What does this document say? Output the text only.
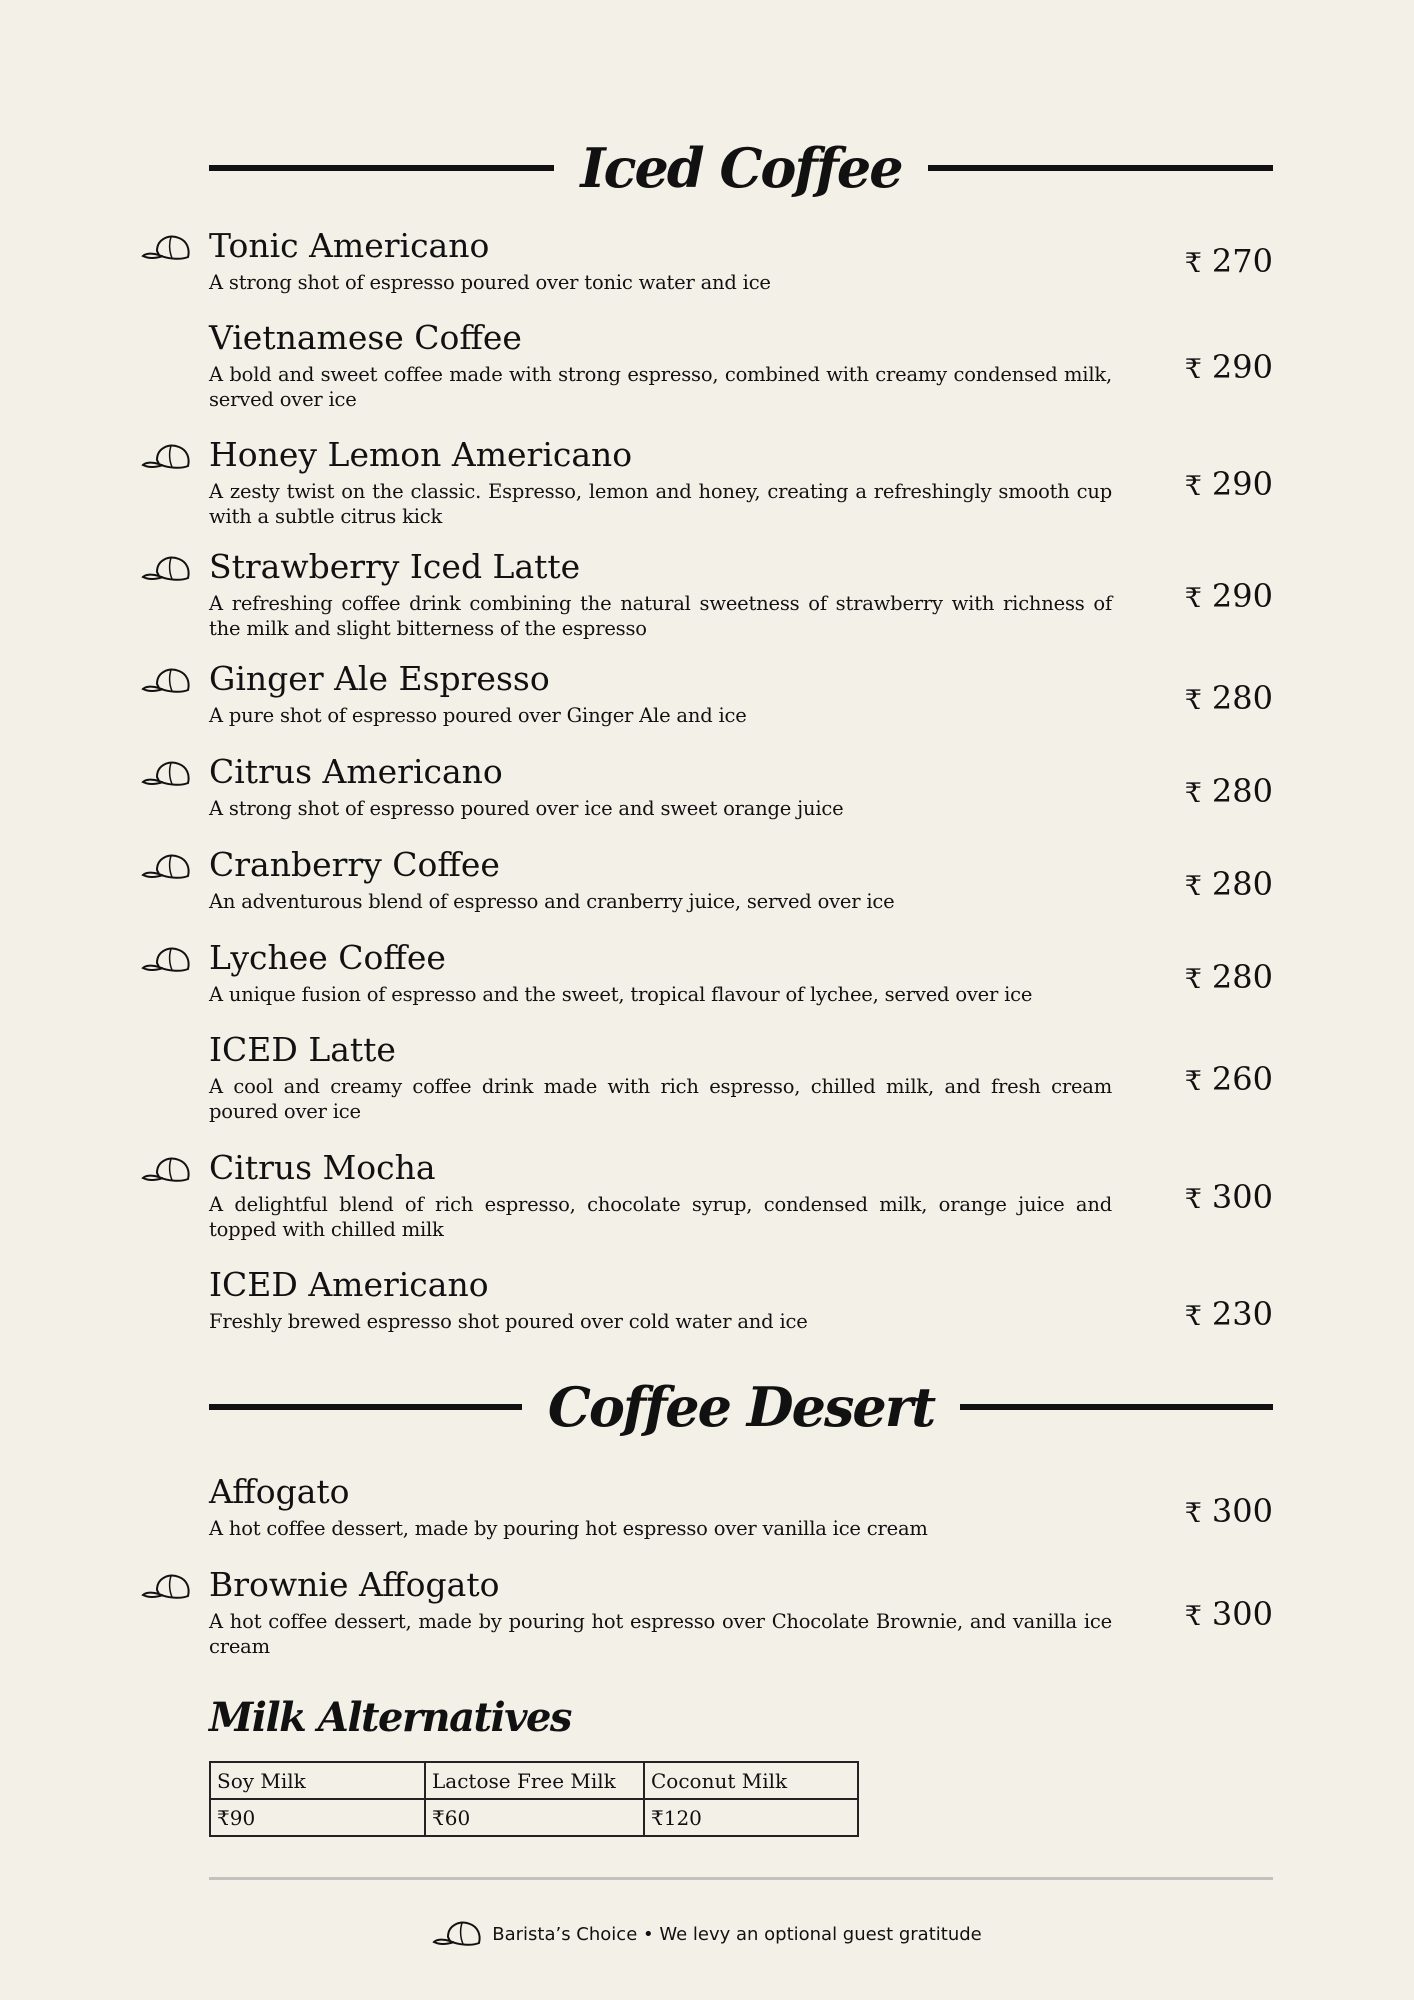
Iced Coffee
Tonic Americano
A strong shot of espresso poured over tonic water and ice
₹ 270
Vietnamese Coffee
A bold and sweet coffee made with strong espresso, combined with creamy condensed milk, served over ice
₹ 290
Honey Lemon Americano
A zesty twist on the classic. Espresso, lemon and honey, creating a refreshingly smooth cup with a subtle citrus kick
₹ 290
Strawberry Iced Latte
A refreshing coffee drink combining the natural sweetness of strawberry with richness of the milk and slight bitterness of the espresso
₹ 290
Ginger Ale Espresso
A pure shot of espresso poured over Ginger Ale and ice	₹ 280
Citrus Americano
A strong shot of espresso poured over ice and sweet orange juice	₹ 280
Cranberry Coffee
An adventurous blend of espresso and cranberry juice, served over ice	₹ 280
Lychee Coffee
A unique fusion of espresso and the sweet, tropical flavour of lychee, served over ice	₹ 280
ICED Latte
A cool and creamy coffee drink made with rich espresso, chilled milk, and fresh cream poured over ice
₹ 260
Citrus Mocha
A delightful blend of rich espresso, chocolate syrup, condensed milk, orange juice and topped with chilled milk
₹ 300
ICED Americano
Freshly brewed espresso shot poured over cold water and ice	₹ 230
Coffee Desert
Affogato
A hot coffee dessert, made by pouring hot espresso over vanilla ice cream	₹ 300
Brownie Affogato
A hot coffee dessert, made by pouring hot espresso over Chocolate Brownie, and vanilla ice cream
₹ 300
Milk Alternatives
Soy Milk	Lactose Free Milk	Coconut Milk
₹90	₹60	₹120
Barista’s Choice • We levy an optional guest gratitude
